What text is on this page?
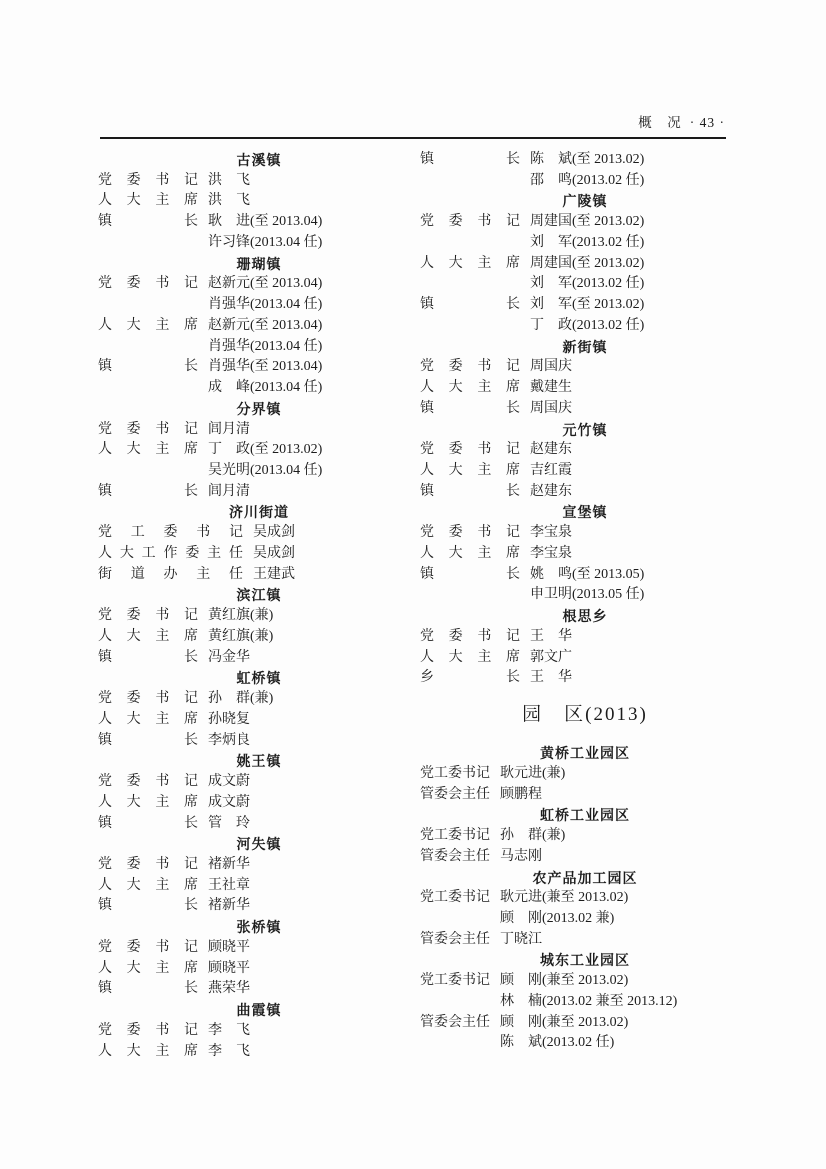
概　况 · 43 ·
古溪镇
党 委 书 记 洪　飞
人 大 主 席 洪　飞
镇 长 耿　进(至 2013.04)
许习锋(2013.04 任)
珊瑚镇
党 委 书 记 赵新元(至 2013.04)
肖强华(2013.04 任)
人 大 主 席 赵新元(至 2013.04)
肖强华(2013.04 任)
镇 长 肖强华(至 2013.04)
成　峰(2013.04 任)
分界镇
党 委 书 记 闾月清
人 大 主 席 丁　政(至 2013.02)
吴光明(2013.04 任)
镇 长 闾月清
济川街道
党 工 委 书 记 吴成剑
人大工作委主任 吴成剑
街 道 办 主 任 王建武
滨江镇
党 委 书 记 黄红旗(兼)
人 大 主 席 黄红旗(兼)
镇 长 冯金华
虹桥镇
党 委 书 记 孙　群(兼)
人 大 主 席 孙晓复
镇 长 李炳良
姚王镇
党 委 书 记 成文蔚
人 大 主 席 成文蔚
镇 长 管　玲
河失镇
党 委 书 记 褚新华
人 大 主 席 王社章
镇 长 褚新华
张桥镇
党 委 书 记 顾晓平
人 大 主 席 顾晓平
镇 长 燕荣华
曲霞镇
党 委 书 记 李　飞
人 大 主 席 李　飞
镇 长 陈　斌(至 2013.02)
邵　鸣(2013.02 任)
广陵镇
党 委 书 记 周建国(至 2013.02)
刘　军(2013.02 任)
人 大 主 席 周建国(至 2013.02)
刘　军(2013.02 任)
镇 长 刘　军(至 2013.02)
丁　政(2013.02 任)
新街镇
党 委 书 记 周国庆
人 大 主 席 戴建生
镇 长 周国庆
元竹镇
党 委 书 记 赵建东
人 大 主 席 吉红霞
镇 长 赵建东
宣堡镇
党 委 书 记 李宝泉
人 大 主 席 李宝泉
镇 长 姚　鸣(至 2013.05)
申卫明(2013.05 任)
根思乡
党 委 书 记 王　华
人 大 主 席 郭文广
乡 长 王　华
园　区(2013)
黄桥工业园区
党工委书记 耿元进(兼)
管委会主任 顾鹏程
虹桥工业园区
党工委书记 孙　群(兼)
管委会主任 马志刚
农产品加工园区
党工委书记 耿元进(兼至 2013.02)
顾　刚(2013.02 兼)
管委会主任 丁晓江
城东工业园区
党工委书记 顾　刚(兼至 2013.02)
林　楠(2013.02 兼至 2013.12)
管委会主任 顾　刚(兼至 2013.02)
陈　斌(2013.02 任)
